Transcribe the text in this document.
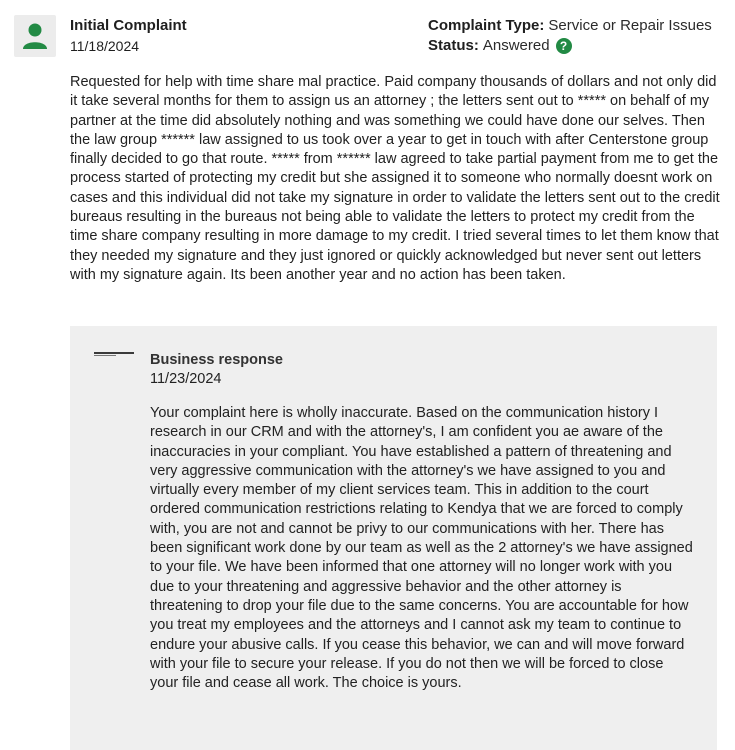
Initial Complaint
11/18/2024
Complaint Type: Service or Repair Issues
Status: Answered ?
Requested for help with time share mal practice. Paid company thousands of dollars and not only did it take several months for them to assign us an attorney ; the letters sent out to ***** on behalf of my partner at the time did absolutely nothing and was something we could have done our selves. Then the law group ****** law assigned to us took over a year to get in touch with after Centerstone group finally decided to go that route. ***** from ****** law agreed to take partial payment from me to get the process started of protecting my credit but she assigned it to someone who normally doesnt work on cases and this individual did not take my signature in order to validate the letters sent out to the credit bureaus resulting in the bureaus not being able to validate the letters to protect my credit from the time share company resulting in more damage to my credit. I tried several times to let them know that they needed my signature and they just ignored or quickly acknowledged but never sent out letters with my signature again. Its been another year and no action has been taken.
Business response
11/23/2024
Your complaint here is wholly inaccurate. Based on the communication history I research in our CRM and with the attorney's, I am confident you ae aware of the inaccuracies in your compliant. You have established a pattern of threatening and very aggressive communication with the attorney's we have assigned to you and virtually every member of my client services team. This in addition to the court ordered communication restrictions relating to Kendya that we are forced to comply with, you are not and cannot be privy to our communications with her. There has been significant work done by our team as well as the 2 attorney's we have assigned to your file. We have been informed that one attorney will no longer work with you due to your threatening and aggressive behavior and the other attorney is threatening to drop your file due to the same concerns. You are accountable for how you treat my employees and the attorneys and I cannot ask my team to continue to endure your abusive calls. If you cease this behavior, we can and will move forward with your file to secure your release. If you do not then we will be forced to close your file and cease all work. The choice is yours.
